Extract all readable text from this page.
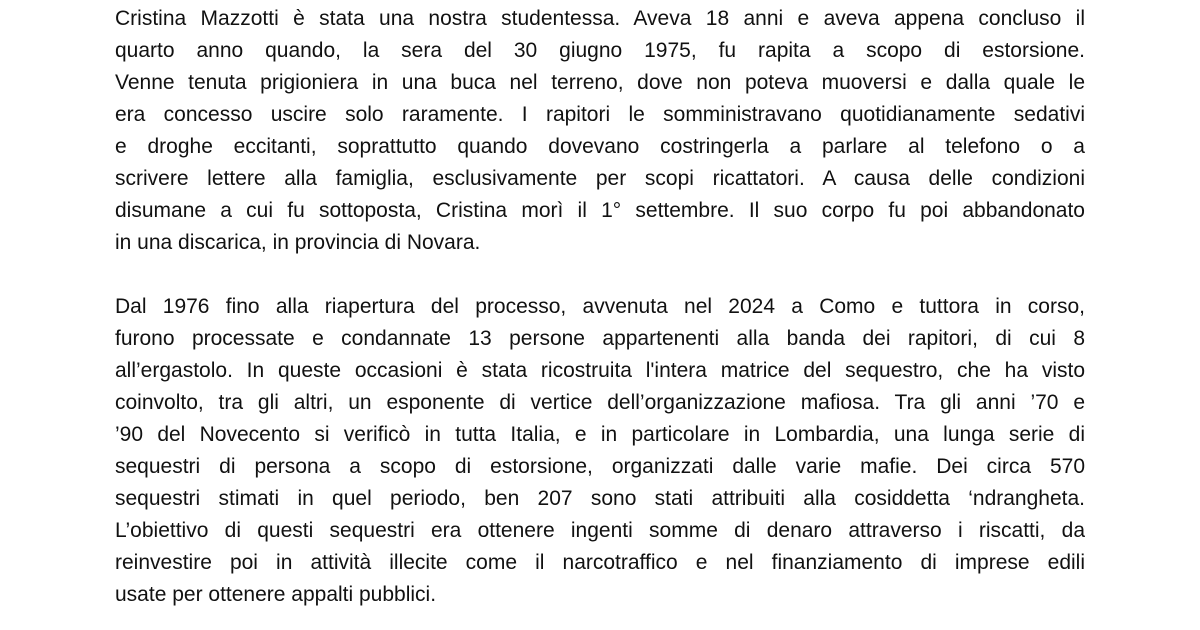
Cristina Mazzotti è stata una nostra studentessa. Aveva 18 anni e aveva appena concluso il
quarto anno quando, la sera del 30 giugno 1975, fu rapita a scopo di estorsione.
Venne tenuta prigioniera in una buca nel terreno, dove non poteva muoversi e dalla quale le
era concesso uscire solo raramente. I rapitori le somministravano quotidianamente sedativi
e droghe eccitanti, soprattutto quando dovevano costringerla a parlare al telefono o a
scrivere lettere alla famiglia, esclusivamente per scopi ricattatori. A causa delle condizioni
disumane a cui fu sottoposta, Cristina morì il 1° settembre. Il suo corpo fu poi abbandonato
in una discarica, in provincia di Novara.
Dal 1976 fino alla riapertura del processo, avvenuta nel 2024 a Como e tuttora in corso,
furono processate e condannate 13 persone appartenenti alla banda dei rapitori, di cui 8
all’ergastolo. In queste occasioni è stata ricostruita l'intera matrice del sequestro, che ha visto
coinvolto, tra gli altri, un esponente di vertice dell’organizzazione mafiosa. Tra gli anni ’70 e
’90 del Novecento si verificò in tutta Italia, e in particolare in Lombardia, una lunga serie di
sequestri di persona a scopo di estorsione, organizzati dalle varie mafie. Dei circa 570
sequestri stimati in quel periodo, ben 207 sono stati attribuiti alla cosiddetta ‘ndrangheta.
L’obiettivo di questi sequestri era ottenere ingenti somme di denaro attraverso i riscatti, da
reinvestire poi in attività illecite come il narcotraffico e nel finanziamento di imprese edili
usate per ottenere appalti pubblici.
